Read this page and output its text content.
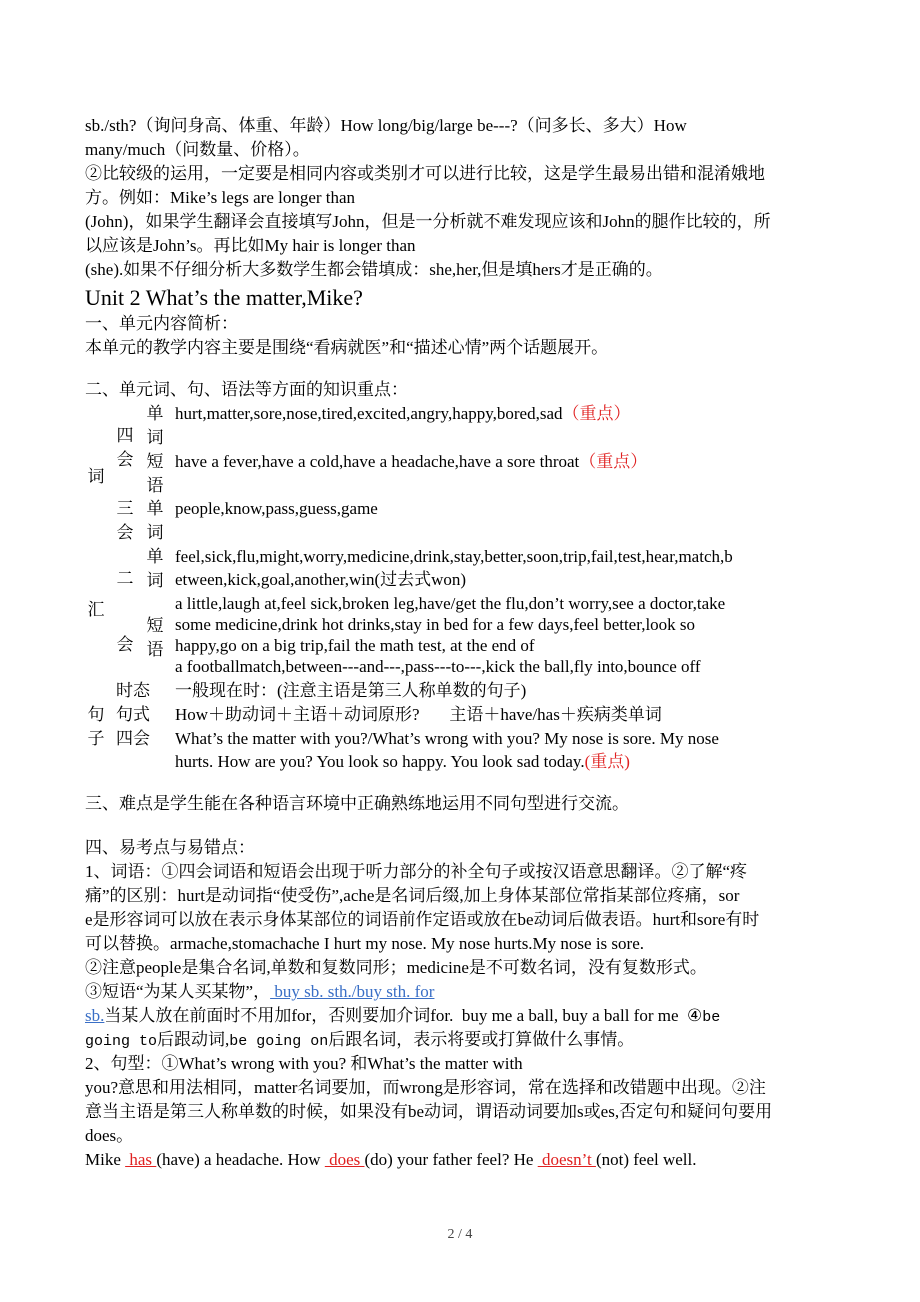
sb./sth?（询问身高、体重、年龄）How long/big/large be---?（问多长、多大）How
many/much（问数量、价格）。
②比较级的运用，一定要是相同内容或类别才可以进行比较，这是学生最易出错和混淆娥地
方。例如：Mike’s legs are longer than
(John)，如果学生翻译会直接填写John，但是一分析就不难发现应该和John的腿作比较的，所
以应该是John’s。再比如My hair is longer than
(she).如果不仔细分析大多数学生都会错填成：she,her,但是填hers才是正确的。
Unit 2 What’s the matter,Mike?
一、单元内容简析：
本单元的教学内容主要是围绕“看病就医”和“描述心情”两个话题展开。
二、单元词、句、语法等方面的知识重点：
词
汇
句
子
四
会
单
词
hurt,matter,sore,nose,tired,excited,angry,happy,bored,sad（重点）
短
语
have a fever,have a cold,have a headache,have a sore throat（重点）
三
会
单
词
people,know,pass,guess,game
二
会
单
词
feel,sick,flu,might,worry,medicine,drink,stay,better,soon,trip,fail,test,hear,match,b
etween,kick,goal,another,win(过去式won)
短
语
a little,laugh at,feel sick,broken leg,have/get the flu,don’t worry,see a doctor,take
some medicine,drink hot drinks,stay in bed for a few days,feel better,look so
happy,go on a big trip,fail the math test, at the end of
a footballmatch,between---and---,pass---to---,kick the ball,fly into,bounce off
时态 一般现在时：(注意主语是第三人称单数的句子)
句式 How＋助动词＋主语＋动词原形?       主语＋have/has＋疾病类单词
四会 What’s the matter with you?/What’s wrong with you? My nose is sore. My nose
hurts. How are you? You look so happy. You look sad today.(重点)
三、难点是学生能在各种语言环境中正确熟练地运用不同句型进行交流。
四、易考点与易错点：
1、词语：①四会词语和短语会出现于听力部分的补全句子或按汉语意思翻译。②了解“疼
痛”的区别：hurt是动词指“使受伤”,ache是名词后缀,加上身体某部位常指某部位疼痛，sor
e是形容词可以放在表示身体某部位的词语前作定语或放在be动词后做表语。hurt和sore有时
可以替换。armache,stomachache I hurt my nose. My nose hurts.My nose is sore.
②注意people是集合名词,单数和复数同形；medicine是不可数名词，没有复数形式。
③短语“为某人买某物”， buy sb. sth./buy sth. for
sb.当某人放在前面时不用加for，否则要加介词for.  buy me a ball, buy a ball for me  ④be
going to后跟动词,be going on后跟名词，表示将要或打算做什么事情。
2、句型：①What’s wrong with you? 和What’s the matter with
you?意思和用法相同，matter名词要加，而wrong是形容词，常在选择和改错题中出现。②注
意当主语是第三人称单数的时候，如果没有be动词，谓语动词要加s或es,否定句和疑问句要用
does。
Mike  has (have) a headache. How  does (do) your father feel? He  doesn’t (not) feel well.
2 / 4
